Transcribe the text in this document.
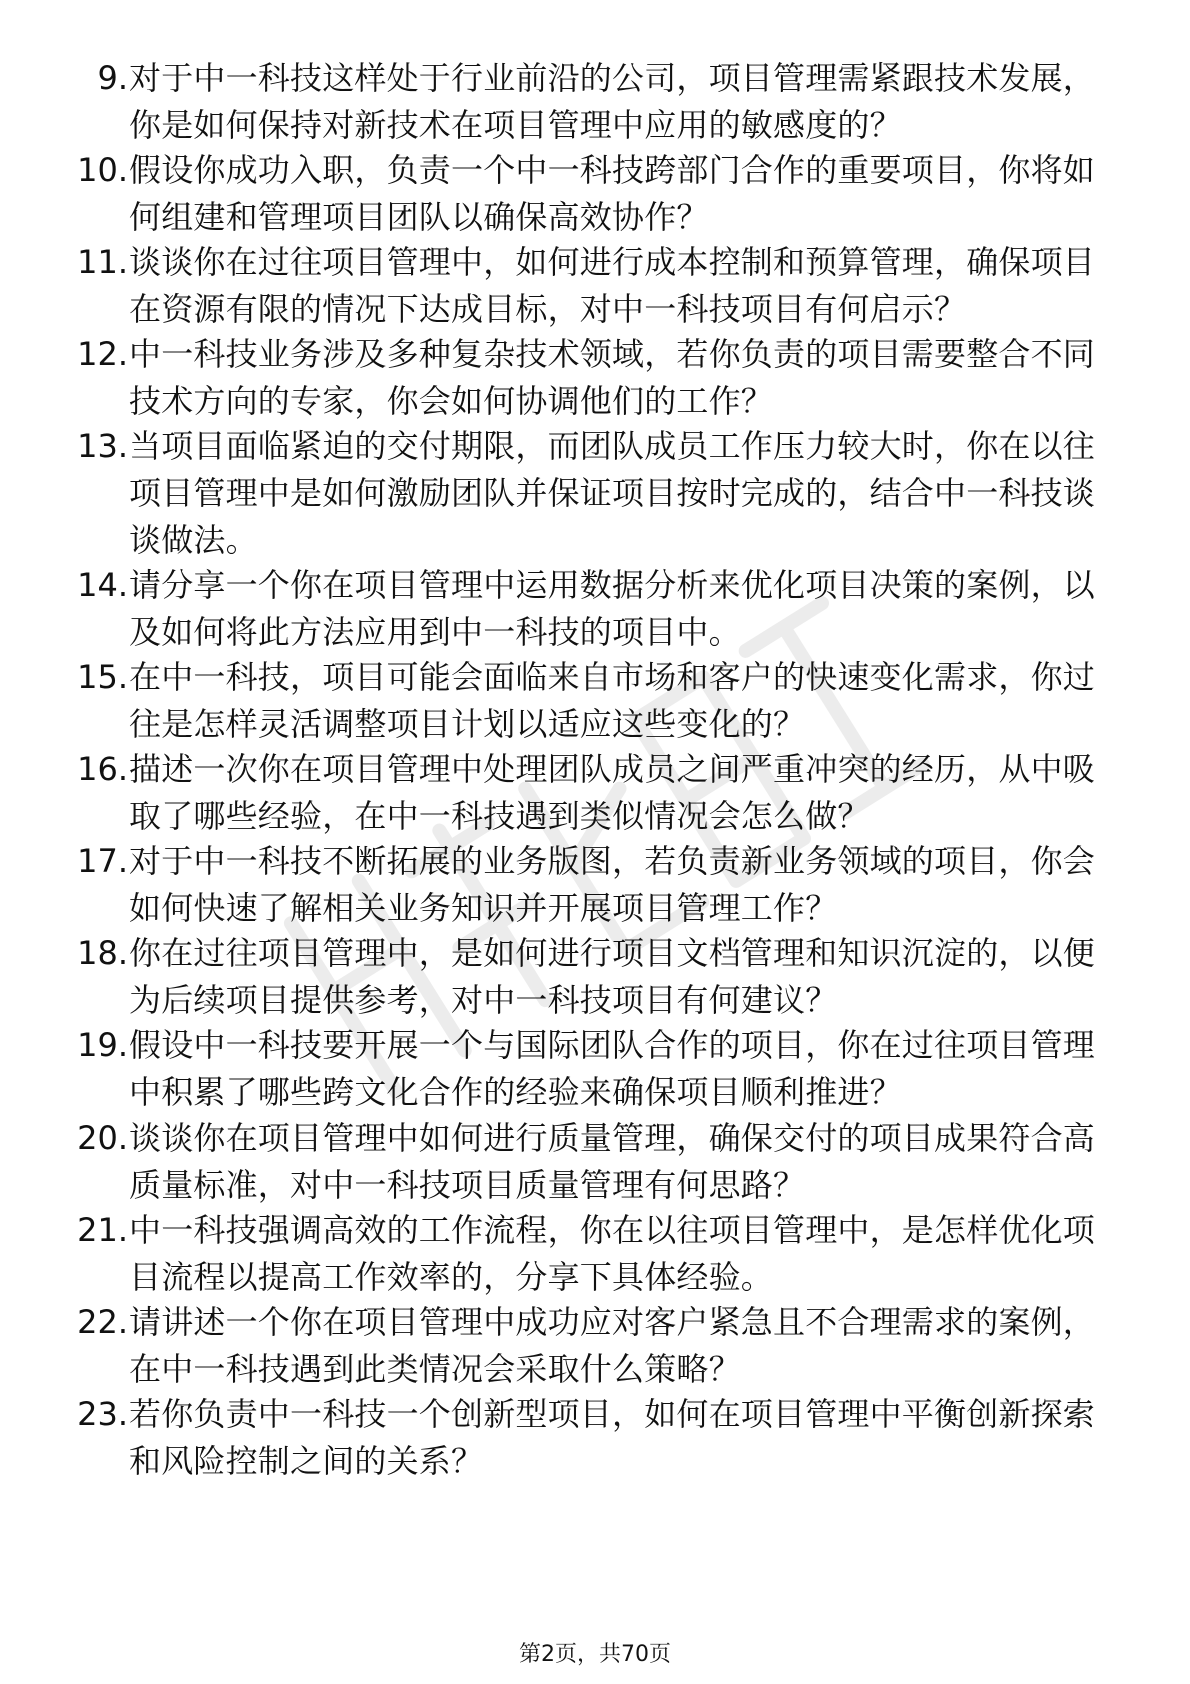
9. 对于中一科技这样处于行业前沿的公司，项目管理需紧跟技术发展，你是如何保持对新技术在项目管理中应用的敏感度的？
10. 假设你成功入职，负责一个中一科技跨部门合作的重要项目，你将如何组建和管理项目团队以确保高效协作？
11. 谈谈你在过往项目管理中，如何进行成本控制和预算管理，确保项目在资源有限的情况下达成目标，对中一科技项目有何启示？
12. 中一科技业务涉及多种复杂技术领域，若你负责的项目需要整合不同技术方向的专家，你会如何协调他们的工作？
13. 当项目面临紧迫的交付期限，而团队成员工作压力较大时，你在以往项目管理中是如何激励团队并保证项目按时完成的，结合中一科技谈谈做法。
14. 请分享一个你在项目管理中运用数据分析来优化项目决策的案例，以及如何将此方法应用到中一科技的项目中。
15. 在中一科技，项目可能会面临来自市场和客户的快速变化需求，你过往是怎样灵活调整项目计划以适应这些变化的？
16. 描述一次你在项目管理中处理团队成员之间严重冲突的经历，从中吸取了哪些经验，在中一科技遇到类似情况会怎么做？
17. 对于中一科技不断拓展的业务版图，若负责新业务领域的项目，你会如何快速了解相关业务知识并开展项目管理工作？
18. 你在过往项目管理中，是如何进行项目文档管理和知识沉淀的，以便为后续项目提供参考，对中一科技项目有何建议？
19. 假设中一科技要开展一个与国际团队合作的项目，你在过往项目管理中积累了哪些跨文化合作的经验来确保项目顺利推进？
20. 谈谈你在项目管理中如何进行质量管理，确保交付的项目成果符合高质量标准，对中一科技项目质量管理有何思路？
21. 中一科技强调高效的工作流程，你在以往项目管理中，是怎样优化项目流程以提高工作效率的，分享下具体经验。
22. 请讲述一个你在项目管理中成功应对客户紧急且不合理需求的案例，在中一科技遇到此类情况会采取什么策略？
23. 若你负责中一科技一个创新型项目，如何在项目管理中平衡创新探索和风险控制之间的关系？
第2页，共70页
